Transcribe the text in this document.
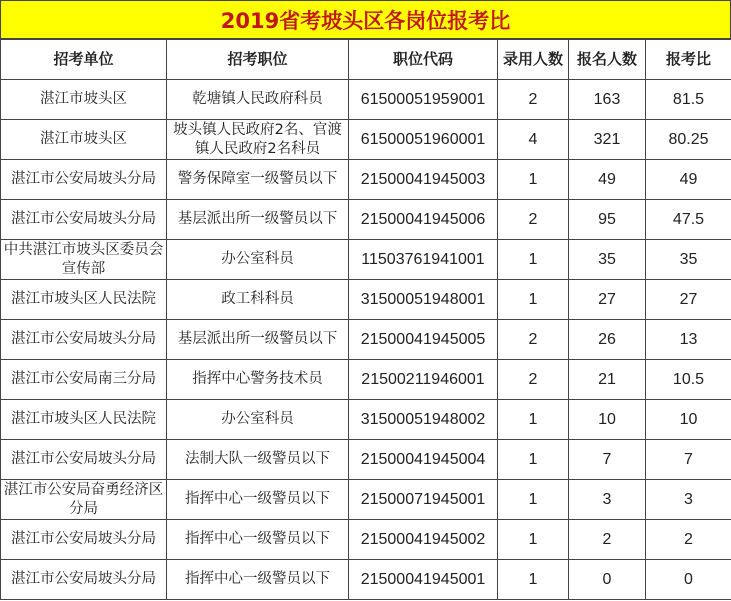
2019省考坡头区各岗位报考比
招考单位	招考职位	职位代码	录用人数	报名人数	报考比
湛江市坡头区	乾塘镇人民政府科员	61500051959001	2	163	81.5
湛江市坡头区	坡头镇人民政府2名、官渡镇人民政府2名科员	61500051960001	4	321	80.25
湛江市公安局坡头分局	警务保障室一级警员以下	21500041945003	1	49	49
湛江市公安局坡头分局	基层派出所一级警员以下	21500041945006	2	95	47.5
中共湛江市坡头区委员会宣传部	办公室科员	11503761941001	1	35	35
湛江市坡头区人民法院	政工科科员	31500051948001	1	27	27
湛江市公安局坡头分局	基层派出所一级警员以下	21500041945005	2	26	13
湛江市公安局南三分局	指挥中心警务技术员	21500211946001	2	21	10.5
湛江市坡头区人民法院	办公室科员	31500051948002	1	10	10
湛江市公安局坡头分局	法制大队一级警员以下	21500041945004	1	7	7
湛江市公安局奋勇经济区分局	指挥中心一级警员以下	21500071945001	1	3	3
湛江市公安局坡头分局	指挥中心一级警员以下	21500041945002	1	2	2
湛江市公安局坡头分局	指挥中心一级警员以下	21500041945001	1	0	0
